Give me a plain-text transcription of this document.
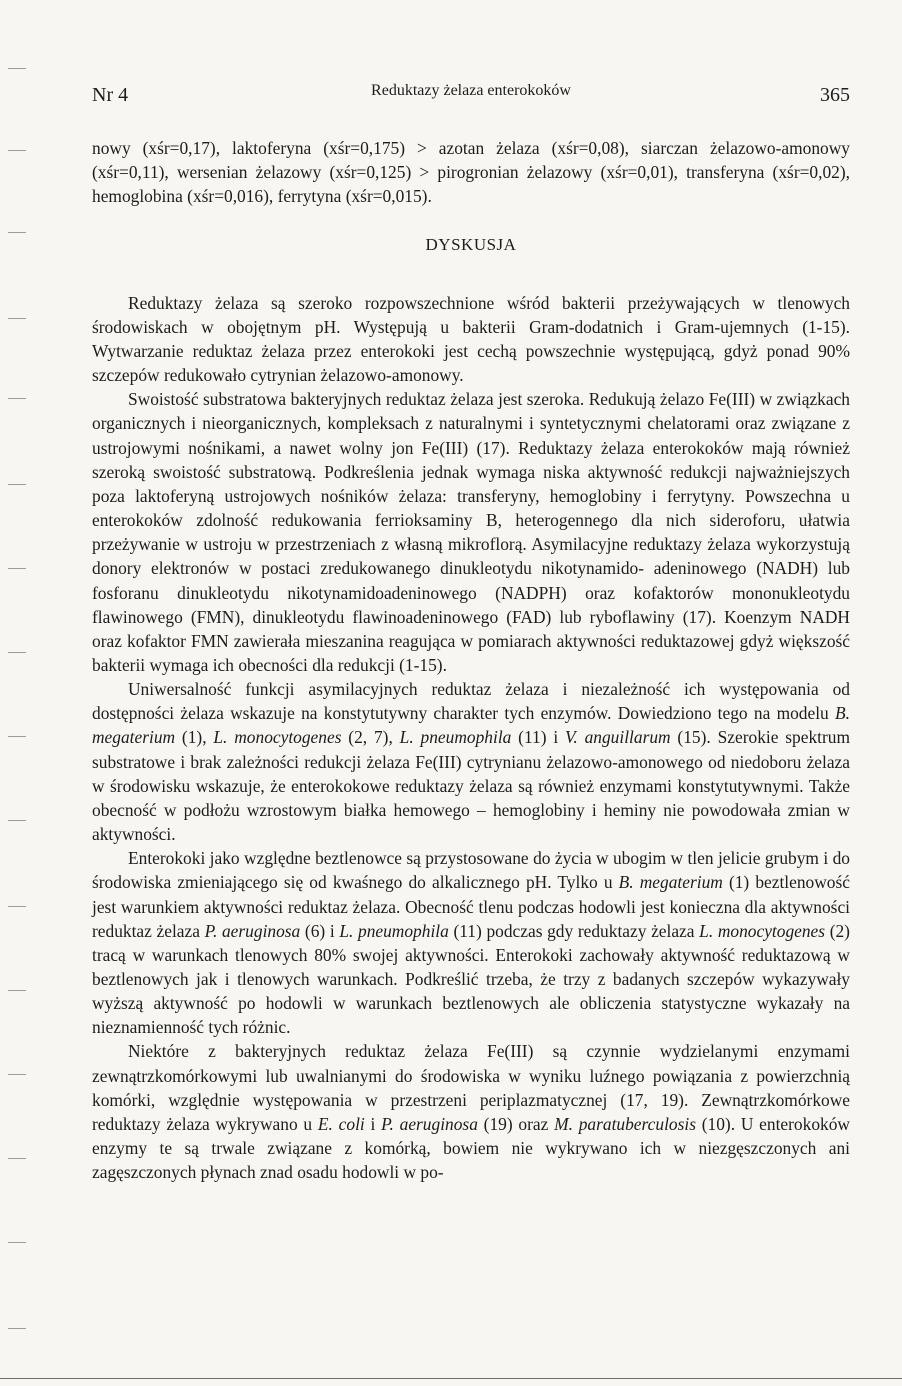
Nr 4	Reduktazy żelaza enterokoków	365

nowy (xśr=0,17), laktoferyna (xśr=0,175) > azotan żelaza (xśr=0,08), siarczan żelazowo-amonowy (xśr=0,11), wersenian żelazowy (xśr=0,125) > pirogronian żelazowy (xśr=0,01), transferyna (xśr=0,02), hemoglobina (xśr=0,016), ferrytyna (xśr=0,015).

DYSKUSJA

Reduktazy żelaza są szeroko rozpowszechnione wśród bakterii przeżywających w tlenowych środowiskach w obojętnym pH. Występują u bakterii Gram-dodatnich i Gram-ujemnych (1-15). Wytwarzanie reduktaz żelaza przez enterokoki jest cechą powszechnie występującą, gdyż ponad 90% szczepów redukowało cytrynian żelazowo-amonowy.

Swoistość substratowa bakteryjnych reduktaz żelaza jest szeroka. Redukują żelazo Fe(III) w związkach organicznych i nieorganicznych, kompleksach z naturalnymi i syntetycznymi chelatorami oraz związane z ustrojowymi nośnikami, a nawet wolny jon Fe(III) (17). Reduktazy żelaza enterokoków mają również szeroką swoistość substratową. Podkreślenia jednak wymaga niska aktywność redukcji najważniejszych poza laktoferyną ustrojowych nośników żelaza: transferyny, hemoglobiny i ferrytyny. Powszechna u enterokoków zdolność redukowania ferrioksaminy B, heterogennego dla nich sideroforu, ułatwia przeżywanie w ustroju w przestrzeniach z własną mikroflorą. Asymilacyjne reduktazy żelaza wykorzystują donory elektronów w postaci zredukowanego dinukleotydu nikotynamido- adeninowego (NADH) lub fosforanu dinukleotydu nikotynamidoadeninowego (NADPH) oraz kofaktorów mononukleotydu flawinowego (FMN), dinukleotydu flawinoadeninowego (FAD) lub ryboflawiny (17). Koenzym NADH oraz kofaktor FMN zawierała mieszanina reagująca w pomiarach aktywności reduktazowej gdyż większość bakterii wymaga ich obecności dla redukcji (1-15).

Uniwersalność funkcji asymilacyjnych reduktaz żelaza i niezależność ich występowania od dostępności żelaza wskazuje na konstytutywny charakter tych enzymów. Dowiedziono tego na modelu B. megaterium (1), L. monocytogenes (2, 7), L. pneumophila (11) i V. anguillarum (15). Szerokie spektrum substratowe i brak zależności redukcji żelaza Fe(III) cytrynianu żelazowo-amonowego od niedoboru żelaza w środowisku wskazuje, że enterokokowe reduktazy żelaza są również enzymami konstytutywnymi. Także obecność w podłożu wzrostowym białka hemowego – hemoglobiny i heminy nie powodowała zmian w aktywności.

Enterokoki jako względne beztlenowce są przystosowane do życia w ubogim w tlen jelicie grubym i do środowiska zmieniającego się od kwaśnego do alkalicznego pH. Tylko u B. megaterium (1) beztlenowość jest warunkiem aktywności reduktaz żelaza. Obecność tlenu podczas hodowli jest konieczna dla aktywności reduktaz żelaza P. aeruginosa (6) i L. pneumophila (11) podczas gdy reduktazy żelaza L. monocytogenes (2) tracą w warunkach tlenowych 80% swojej aktywności. Enterokoki zachowały aktywność reduktazową w beztlenowych jak i tlenowych warunkach. Podkreślić trzeba, że trzy z badanych szczepów wykazywały wyższą aktywność po hodowli w warunkach beztlenowych ale obliczenia statystyczne wykazały na nieznamienność tych różnic.

Niektóre z bakteryjnych reduktaz żelaza Fe(III) są czynnie wydzielanymi enzymami zewnątrzkomórkowymi lub uwalnianymi do środowiska w wyniku luźnego powiązania z powierzchnią komórki, względnie występowania w przestrzeni periplazmatycznej (17, 19). Zewnątrzkomórkowe reduktazy żelaza wykrywano u E. coli i P. aeruginosa (19) oraz M. paratuberculosis (10). U enterokoków enzymy te są trwale związane z komórką, bowiem nie wykrywano ich w niezgęszczonych ani zagęszczonych płynach znad osadu hodowli w po-
